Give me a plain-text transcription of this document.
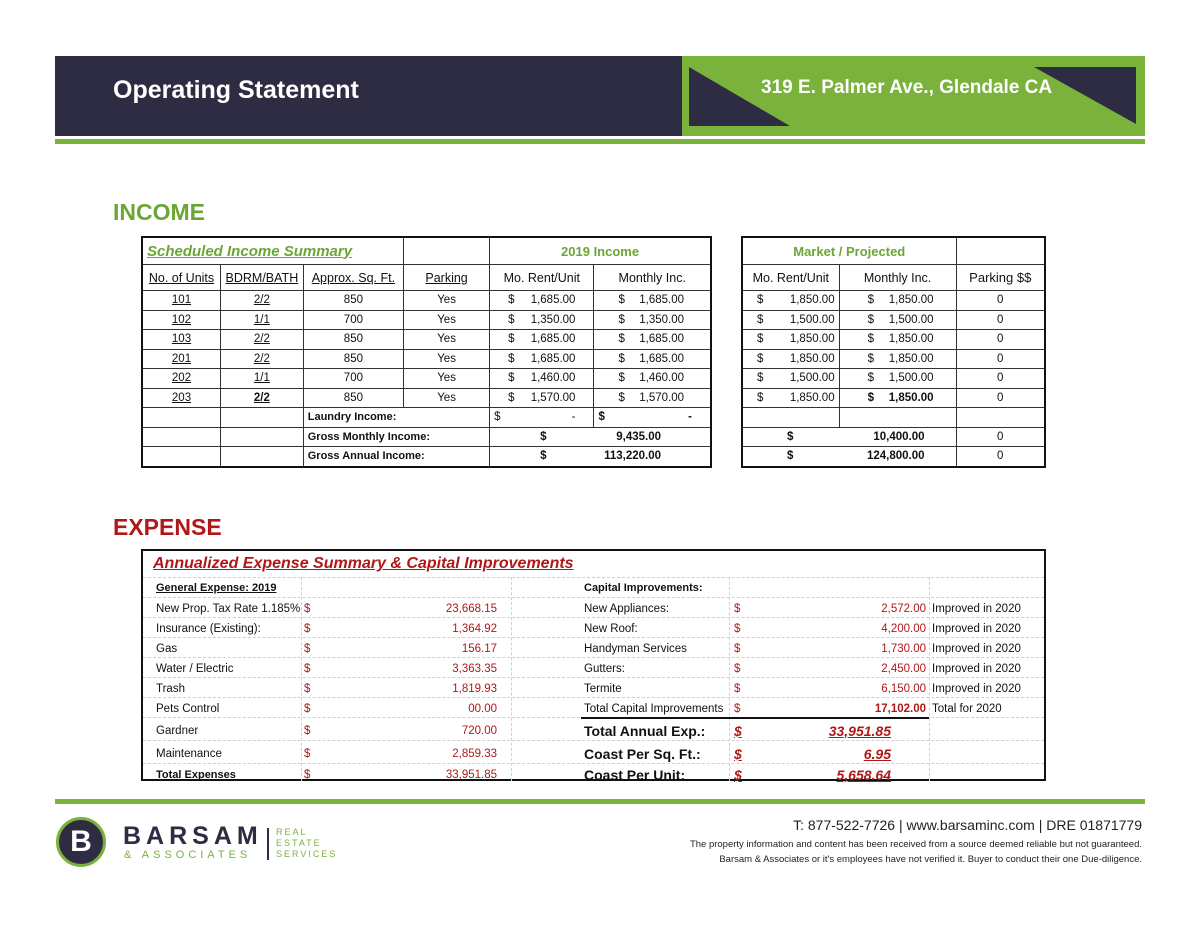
Operating Statement	319 E. Palmer Ave., Glendale CA
INCOME
Scheduled Income Summary				2019 Income	
No. of Units	BDRM/BATH	Approx. Sq. Ft.	Parking	Mo. Rent/Unit	Monthly Inc.
101	2/2	850	Yes	$ 1,685.00	$ 1,685.00

102	1/1	700	Yes	$ 1,350.00	$ 1,350.00

103	2/2	850	Yes	$ 1,685.00	$ 1,685.00

201	2/2	850	Yes	$ 1,685.00	$ 1,685.00

202	1/1	700	Yes	$ 1,460.00	$ 1,460.00

203	2/2	850	Yes	$ 1,570.00	$ 1,570.00

		Laundry Income:		$ -	$ -

		Gross Monthly Income:		$ 9,435.00	

		Gross Annual Income:		$ 113,220.00	
Market / Projected		
Mo. Rent/Unit	Monthly Inc.	Parking $$

$ 1,850.00	$ 1,850.00	0

$ 1,500.00	$ 1,500.00	0

$ 1,850.00	$ 1,850.00	0

$ 1,850.00	$ 1,850.00	0

$ 1,500.00	$ 1,500.00	0

$ 1,850.00	$ 1,850.00	0

$ 10,400.00		0

$ 124,800.00		0
EXPENSE
Annualized Expense Summary & Capital Improvements
General Expense: 2019	Capital Improvements:
New Prop. Tax Rate 1.185% $	23,668.15	New Appliances:	$	2,572.00 Improved in 2020
Insurance (Existing):	$	1,364.92	New Roof:	$	4,200.00 Improved in 2020
Gas	$	156.17	Handyman Services	$	1,730.00 Improved in 2020
Water / Electric	$	3,363.35	Gutters:	$	2,450.00 Improved in 2020
Trash	$	1,819.93	Termite	$	6,150.00 Improved in 2020
Pets Control	$	00.00	Total Capital Improvements $	17,102.00 Total for 2020
Gardner	$	720.00	Total Annual Exp.: $	33,951.85
Maintenance	$	2,859.33	Coast Per Sq. Ft.: $	6.95
Total Expenses	$	33,951.85	Coast Per Unit:	$	5,658.64
B	BARSAM
& ASSOCIATES
REAL
ESTATE
SERVICES
T: 877-522-7726 | www.barsaminc.com | DRE 01871779
The property information and content has been received from a source deemed reliable but not guaranteed.
Barsam & Associates or it's employees have not verified it. Buyer to conduct their one Due-diligence.
